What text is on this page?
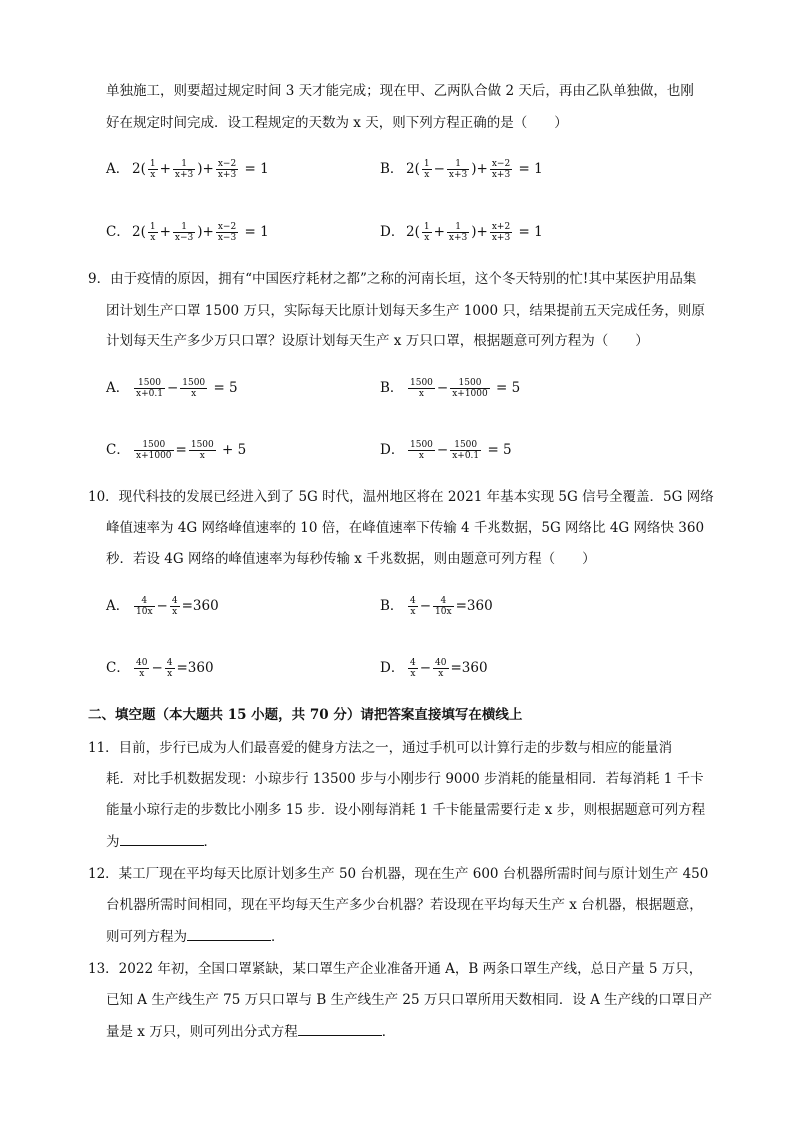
单独施工，则要超过规定时间 3 天才能完成；现在甲、乙两队合做 2 天后，再由乙队单独做，也刚
好在规定时间完成．设工程规定的天数为 x 天，则下列方程正确的是（　　）
A． $2( \frac{1}{x} + \frac{1}{x+3}$ )+ $\frac{x-2}{x+3} = 1$	B． $2( \frac{1}{x} - \frac{1}{x+3}$ )+ $\frac{x-2}{x+3} = 1$
C． $2( \frac{1}{x} + \frac{1}{x-3}$ )+ $\frac{x-2}{x-3} = 1$	D． $2( \frac{1}{x} + \frac{1}{x+3}$ )+ $\frac{x+2}{x+3} = 1$
9．由于疫情的原因，拥有“中国医疗耗材之都”之称的河南长垣，这个冬天特别的忙!其中某医护用品集
团计划生产口罩 1500 万只，实际每天比原计划每天多生产 1000 只，结果提前五天完成任务，则原
计划每天生产多少万只口罩？设原计划每天生产 x 万只口罩，根据题意可列方程为（　　）
A． $\frac{1500}{x+0.1} - \frac{1500}{x} = 5$	B． $\frac{1500}{x} - \frac{1500}{x+1000} = 5$
C． $\frac{1500}{x+1000} = \frac{1500}{x} + 5$	D． $\frac{1500}{x} - \frac{1500}{x+0.1} = 5$
10．现代科技的发展已经进入到了 5G 时代，温州地区将在 2021 年基本实现 5G 信号全覆盖．5G 网络
峰值速率为 4G 网络峰值速率的 10 倍，在峰值速率下传输 4 千兆数据，5G 网络比 4G 网络快 360
秒．若设 4G 网络的峰值速率为每秒传输 x 千兆数据，则由题意可列方程（　　）
A． $\frac{4}{10x} - \frac{4}{x} =360$	B． $\frac{4}{x} - \frac{4}{10x} =360$
C． $\frac{40}{x} - \frac{4}{x} =360$	D． $\frac{4}{x} - \frac{40}{x} =360$
二、填空题（本大题共 15 小题，共 70 分）请把答案直接填写在横线上
11．目前，步行已成为人们最喜爱的健身方法之一，通过手机可以计算行走的步数与相应的能量消
耗．对比手机数据发现：小琼步行 13500 步与小刚步行 9000 步消耗的能量相同．若每消耗 1 千卡
能量小琼行走的步数比小刚多 15 步．设小刚每消耗 1 千卡能量需要行走 x 步，则根据题意可列方程
为	．
12．某工厂现在平均每天比原计划多生产 50 台机器，现在生产 600 台机器所需时间与原计划生产 450
台机器所需时间相同，现在平均每天生产多少台机器？若设现在平均每天生产 x 台机器，根据题意，
则可列方程为	．
13．2022 年初，全国口罩紧缺，某口罩生产企业准备开通 A，B 两条口罩生产线，总日产量 5 万只，
已知 A 生产线生产 75 万只口罩与 B 生产线生产 25 万只口罩所用天数相同．设 A 生产线的口罩日产
量是 x 万只，则可列出分式方程	．
